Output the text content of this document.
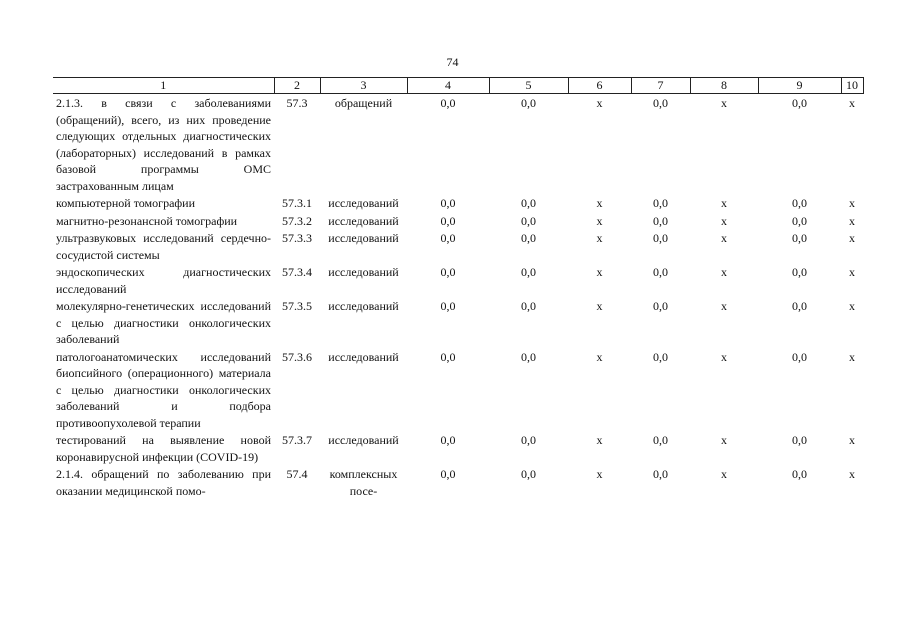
74
1	2	3	4	5	6	7	8	9	10
2.1.3. в связи с заболеваниями (обращений), всего, из них проведение следующих отдельных диагностических (лабораторных) исследований в рамках базовой программы ОМС застрахованным лицам	57.3	обращений	0,0	0,0	х	0,0	х	0,0	х
компьютерной томографии	57.3.1	исследований	0,0	0,0	х	0,0	х	0,0	х
магнитно-резонансной томографии	57.3.2	исследований	0,0	0,0	х	0,0	х	0,0	х
ультразвуковых исследований сердечно-сосудистой системы	57.3.3	исследований	0,0	0,0	х	0,0	х	0,0	х
эндоскопических диагностических исследований	57.3.4	исследований	0,0	0,0	х	0,0	х	0,0	х
молекулярно-генетических исследований с целью диагностики онкологических заболеваний	57.3.5	исследований	0,0	0,0	х	0,0	х	0,0	х
патологоанатомических исследований биопсийного (операционного) материала с целью диагностики онкологических заболеваний и подбора противоопухолевой терапии	57.3.6	исследований	0,0	0,0	х	0,0	х	0,0	х
тестирований на выявление новой коронавирусной инфекции (COVID-19)	57.3.7	исследований	0,0	0,0	х	0,0	х	0,0	х
2.1.4. обращений по заболеванию при оказании медицинской помо-	57.4	комплексных посе-	0,0	0,0	х	0,0	х	0,0	х
